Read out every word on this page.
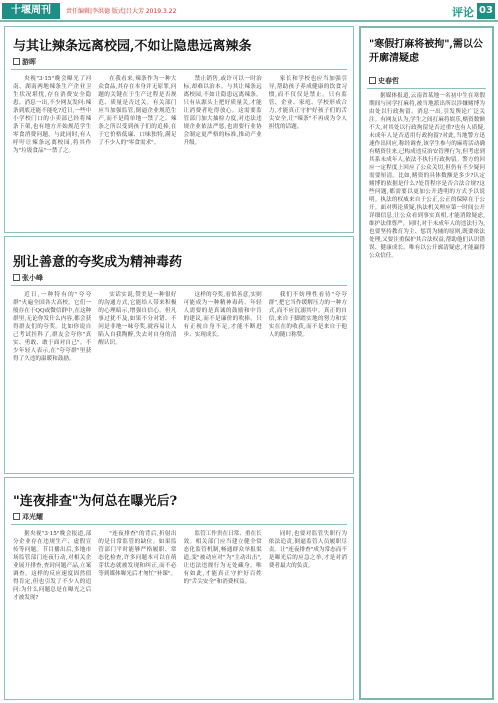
十堰周刊	责任编辑|李洪德 版式|吕大芳 2019.3.22	评论 03
与其让辣条远离校园,不如让隐患远离辣条
游晖

央视"3·15"晚会曝光了河南、湖南两地辣条生产企业卫生状况堪忧,存在消费安全隐患。消息一出,不少网友发问:辣条到底还能不能吃?近日,一些中小学校门口的小卖部已经将辣条下架,也有地方开始规范学生零食消费问题。与此同时,有人呼吁让辣条远离校园,将其作为"垃圾食品"一禁了之。

在我看来,辣条作为一种大众食品,其存在本身并无原罪,问题的关键在于生产过程是否规范、质量是否过关。有关部门应当加强监管,倒逼企业规范生产,而不是简单地一禁了之。辣条之所以受到孩子们的追捧,在于它价格低廉、口味独特,满足了不少人的"零食需求"。

禁止销售,或许可以一时治标,却难以治本。与其让辣条远离校园,不如让隐患远离辣条。只有从源头上把好质量关,才能让消费者吃得放心。这需要监管部门加大抽检力度,对违法违规企业依法严惩,也需要行业协会制定更严格的标准,推动产业升级。

家长和学校也应当加强引导,帮助孩子养成健康的饮食习惯,而不仅仅是禁止。只有监管、企业、家庭、学校形成合力,才能真正守护好孩子们的舌尖安全,让"辣条"不再成为令人担忧的话题。

别让善意的夸奖成为精神毒药
张小峰

近日,一种特有的"夸夸群"火遍全国各大高校。它们一般存在于QQ或微信群中,在这种群里,无论你发什么内容,都会获得群友们的夸奖。比如你说自己考试挂科了,群友会夸你"真实、勇敢、敢于面对自己"。不少年轻人表示,在"夸夸群"里获得了久违的温暖和鼓励。

实话实说,赞美是一种很好的沟通方式,它能给人带来积极的心理暗示,增强自信心。但凡事过犹不及,如果不分对错、不问是非地一味夸奖,就容易让人陷入自我陶醉,失去对自身的清醒认识。

这样的夸奖,看似善意,实则可能成为一种精神毒药。年轻人需要的是真诚的鼓励和中肯的建议,而不是廉价的吹捧。只有正视自身不足,才能不断进步、实现成长。

我们不妨理性看待"夸夸群",把它当作缓解压力的一种方式,而不应沉溺其中。真正的自信,来自于脚踏实地的努力和实实在在的收获,而不是来自于他人的随口称赞。

"连夜排查"为何总在曝光后?
邓光耀

据央视"3·15"晚会报道,部分企业存在违规生产、虚假宣传等问题。节目播出后,多地市场监管部门连夜行动,对相关企业展开排查,查封问题产品,立案调查。这样的反应速度固然值得肯定,但也引发了不少人的追问:为什么问题总是在曝光之后才被发现?

"连夜排查"的背后,折射出的是日常监管的缺位。如果监管部门平时能够严格履职、常态化检查,许多问题本可以在萌芽状态就被发现和纠正,而不必等到媒体曝光后才匆忙"补课"。

监管工作贵在日常、重在长效。相关部门应当建立健全常态化监管机制,畅通群众举报渠道,变"被动应对"为"主动出击",让违法违规行为无处藏身。唯有如此,才能真正守护好百姓的"舌尖安全"和消费权益。

同时,也要对监管失职行为依法追责,倒逼监管人员履职尽责。让"连夜排查"成为常态而不是曝光后的应急之举,才是对消费者最大的负责。

"寒假打麻将被拘",需以公开廓清疑虑
史春哲
据媒体报道,云南省某地一名初中生在寒假期间与同学打麻将,被当地派出所以涉嫌赌博为由处以行政拘留。消息一出,引发舆论广泛关注。有网友认为,学生之间打麻将娱乐,赌资数额不大,对其处以行政拘留是否过重?也有人质疑,未成年人是否适用行政拘留?对此,当地警方迅速作出回应,称经调查,该学生参与的麻将活动确有赌资往来,已构成违反治安管理行为,但考虑到其系未成年人,依法不执行行政拘留。警方的回应一定程度上回应了公众关切,但仍有不少疑问需要厘清。比如,赌资的具体数额是多少?认定赌博的依据是什么?处罚程序是否合法合规?这些问题,都需要以更加公开透明的方式予以说明。执法的权威来自于公正,公正的保障在于公开。面对舆论质疑,执法机关理应第一时间公开详细信息,让公众看到事实真相,才能消除疑虑,维护法律尊严。同时,对于未成年人的违法行为,也要坚持教育为主、惩罚为辅的原则,既要依法处理,又要注重保护其合法权益,帮助他们认识错误、健康成长。唯有以公开廓清疑虑,才能赢得公众信任。
